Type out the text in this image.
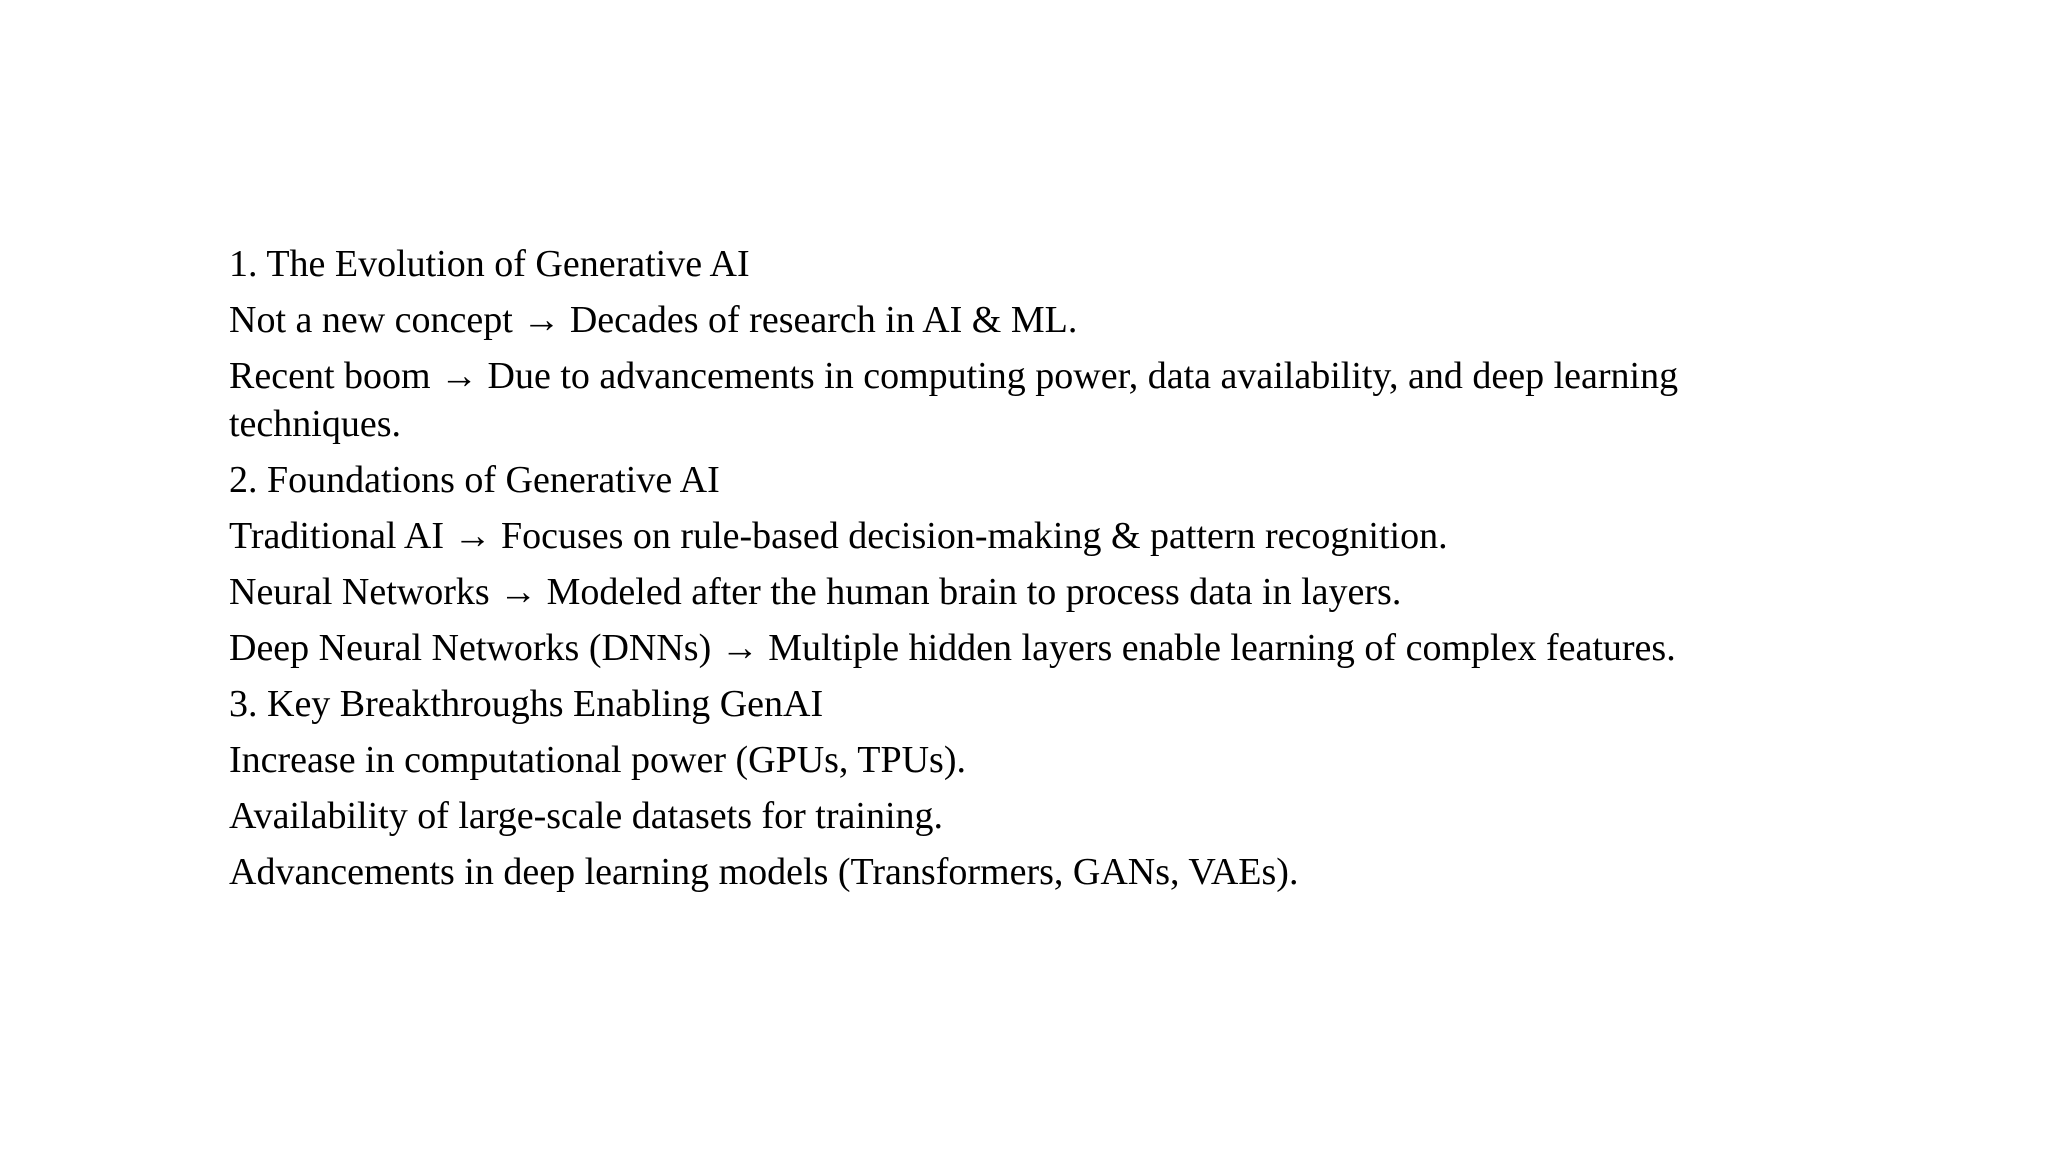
1. The Evolution of Generative AI

Not a new concept → Decades of research in AI & ML.

Recent boom → Due to advancements in computing power, data availability, and deep learning techniques.

2. Foundations of Generative AI

Traditional AI → Focuses on rule-based decision-making & pattern recognition.

Neural Networks → Modeled after the human brain to process data in layers.

Deep Neural Networks (DNNs) → Multiple hidden layers enable learning of complex features.

3. Key Breakthroughs Enabling GenAI

Increase in computational power (GPUs, TPUs).

Availability of large-scale datasets for training.

Advancements in deep learning models (Transformers, GANs, VAEs).
